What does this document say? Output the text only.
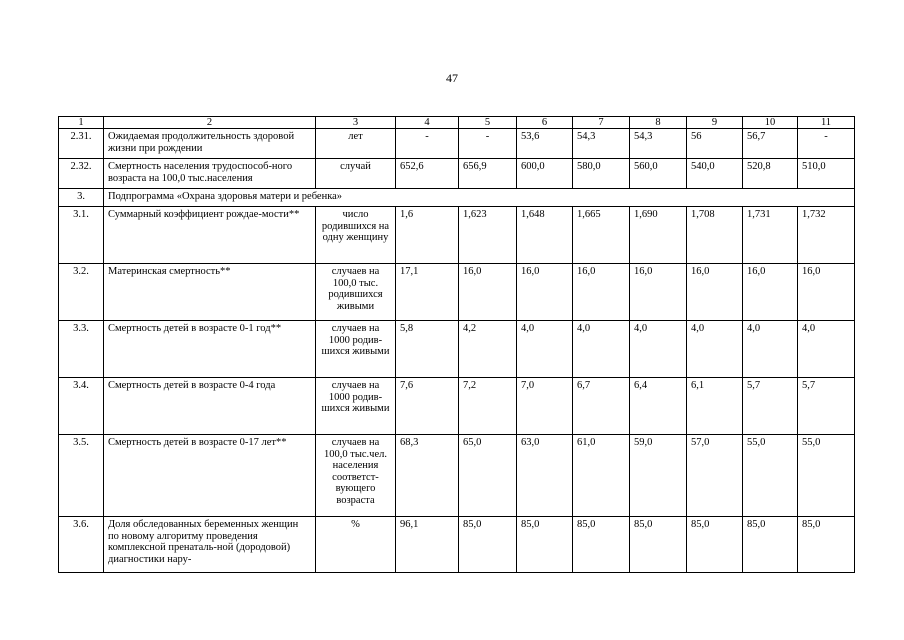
47
1	2	3	4	5	6	7	8	9	10	11
2.31.	Ожидаемая продолжительность здоровой жизни при рождении	лет	-	-	53,6	54,3	54,3	56	56,7	-
2.32.	Смертность населения трудоспособ-ного возраста на 100,0 тыс.населения	случай	652,6	656,9	600,0	580,0	560,0	540,0	520,8	510,0
3.	Подпрограмма «Охрана здоровья матери и ребенка»									
3.1.	Суммарный коэффициент рождае-мости**	число родившихся на одну женщину	1,6	1,623	1,648	1,665	1,690	1,708	1,731	1,732
3.2.	Материнская смертность**	случаев на 100,0 тыс. родившихся живыми	17,1	16,0	16,0	16,0	16,0	16,0	16,0	16,0
3.3.	Смертность детей в возрасте 0-1 год**	случаев на 1000 родив-шихся живыми	5,8	4,2	4,0	4,0	4,0	4,0	4,0	4,0
3.4.	Смертность детей в возрасте 0-4 года	случаев на 1000 родив-шихся живыми	7,6	7,2	7,0	6,7	6,4	6,1	5,7	5,7
3.5.	Смертность детей в возрасте 0-17 лет**	случаев на 100,0 тыс.чел. населения соответст-вующего возраста	68,3	65,0	63,0	61,0	59,0	57,0	55,0	55,0
3.6.	Доля обследованных беременных женщин по новому алгоритму проведения комплексной пренаталь-ной (дородовой) диагностики нару-	%	96,1	85,0	85,0	85,0	85,0	85,0	85,0	85,0
